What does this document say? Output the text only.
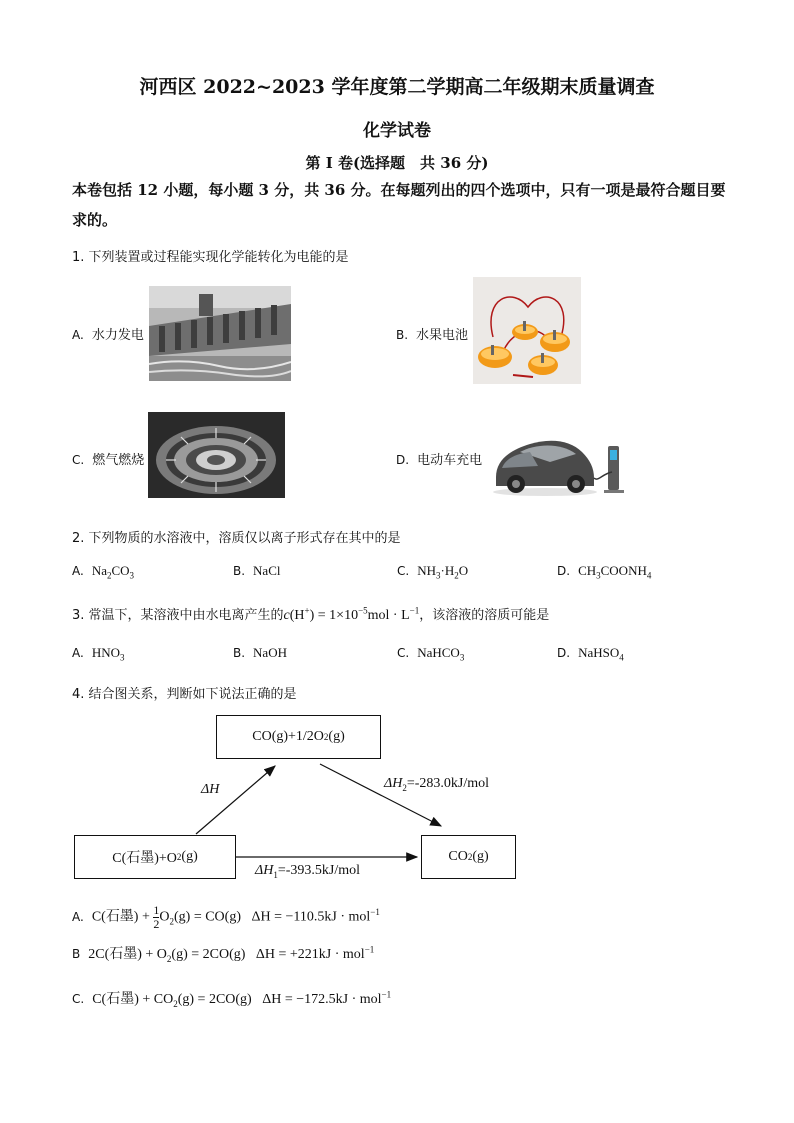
河西区 2022~2023 学年度第二学期高二年级期末质量调查
化学试卷
第 I 卷(选择题　共 36 分)
本卷包括 12 小题，每小题 3 分，共 36 分。在每题列出的四个选项中，只有一项是最符合题目要求的。
1. 下列装置或过程能实现化学能转化为电能的是
A. 水力发电	B. 水果电池
C. 燃气燃烧	D. 电动车充电
2. 下列物质的水溶液中，溶质仅以离子形式存在其中的是
A. $Na_2CO_3$	B. NaCl	C. $NH_3\cdot H_2O$	D. $CH_3COONH_4$
3. 常温下，某溶液中由水电离产生的$c(H^+) = 1\times 10^{-5}mol \cdot L^{-1}$，该溶液的溶质可能是
A. $HNO_3$	B. NaOH	C. NaHCO$_3$	D. NaHSO$_4$
4. 结合图关系，判断如下说法正确的是
CO(g)+1/2O 2 (g)
C(石墨)+O 2 (g)	CO 2 (g)
ΔH	$\Delta H_2=-283.0kJ$/mol
$\Delta H_1=-393.5kJ$/mol
A. C(石墨) + $\frac{1}{2} O_2(g) = CO(g) \Delta H = -110.5kJ \cdot mol^{-1}$
B 2C(石墨) + $O_2(g) = 2CO(g) \Delta H = +221kJ \cdot mol^{-1}$
C. C(石墨) + $CO_2(g) = 2CO(g) \Delta H = -172.5kJ \cdot mol^{-1}$
